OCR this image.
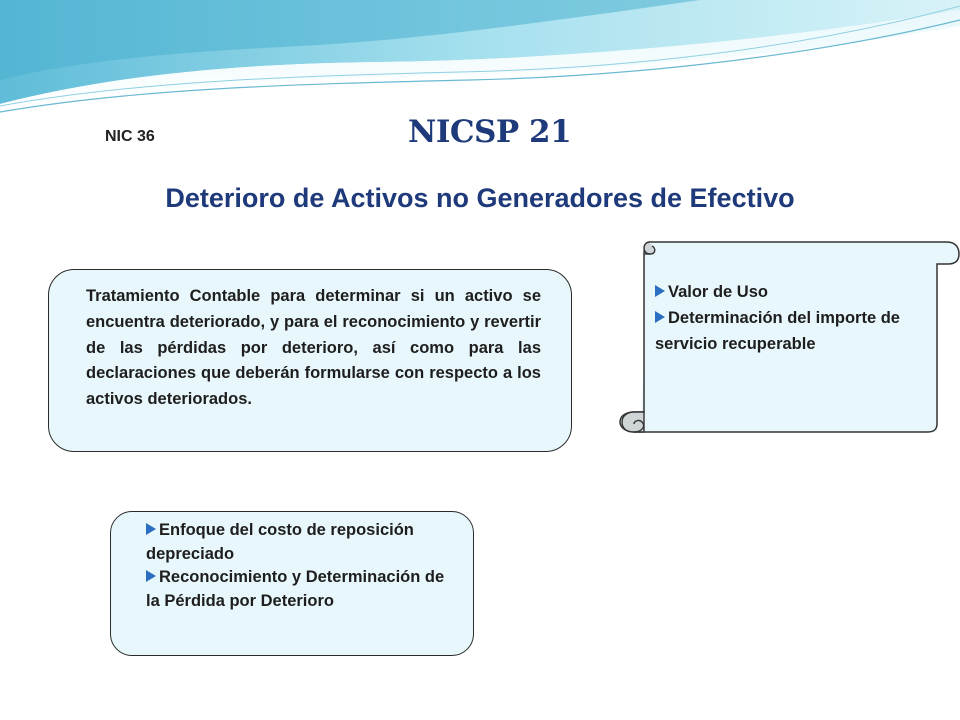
NIC 36	NICSP 21
Deterioro de Activos no Generadores de Efectivo

Tratamiento Contable para determinar si un activo se encuentra deteriorado, y para el reconocimiento y revertir de las pérdidas por deterioro, así como para las declaraciones que deberán formularse con respecto a los activos deteriorados.

Valor de Uso
Determinación del importe de servicio recuperable
Enfoque del costo de reposición depreciado
Reconocimiento y Determinación de la Pérdida por Deterioro
